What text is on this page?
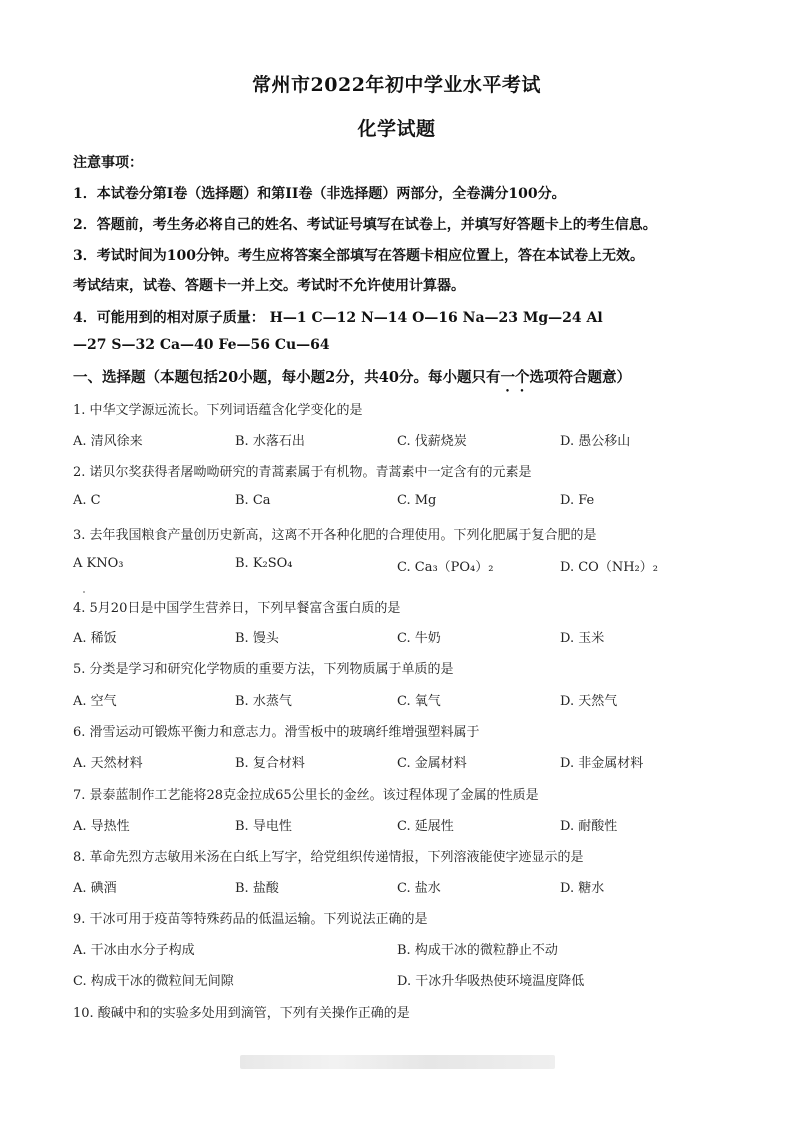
常州市2022年初中学业水平考试
化学试题
注意事项：
1．本试卷分第I卷（选择题）和第II卷（非选择题）两部分，全卷满分100分。
2．答题前，考生务必将自己的姓名、考试证号填写在试卷上，并填写好答题卡上的考生信息。
3．考试时间为100分钟。考生应将答案全部填写在答题卡相应位置上，答在本试卷上无效。
考试结束，试卷、答题卡一并上交。考试时不允许使用计算器。
4．可能用到的相对原子质量： H—1 C—12 N—14 O—16 Na—23 Mg—24 Al
—27 S—32 Ca—40 Fe—56 Cu—64
一、选择题（本题包括20小题，每小题2分，共40分。每小题只有一个选项符合题意）
1. 中华文学源远流长。下列词语蕴含化学变化的是
A. 清风徐来	B. 水落石出	C. 伐薪烧炭	D. 愚公移山
2. 诺贝尔奖获得者屠呦呦研究的青蒿素属于有机物。青蒿素中一定含有的元素是
A. C	B. Ca	C. Mg	D. Fe
3. 去年我国粮食产量创历史新高，这离不开各种化肥的合理使用。下列化肥属于复合肥的是
A KNO₃	B. K₂SO₄	C. Ca₃（PO₄）₂	D. CO（NH₂）₂
4. 5月20日是中国学生营养日，下列早餐富含蛋白质的是
A. 稀饭	B. 馒头	C. 牛奶	D. 玉米
5. 分类是学习和研究化学物质的重要方法，下列物质属于单质的是
A. 空气	B. 水蒸气	C. 氧气	D. 天然气
6. 滑雪运动可锻炼平衡力和意志力。滑雪板中的玻璃纤维增强塑料属于
A. 天然材料	B. 复合材料	C. 金属材料	D. 非金属材料
7. 景泰蓝制作工艺能将28克金拉成65公里长的金丝。该过程体现了金属的性质是
A. 导热性	B. 导电性	C. 延展性	D. 耐酸性
8. 革命先烈方志敏用米汤在白纸上写字，给党组织传递情报，下列溶液能使字迹显示的是
A. 碘酒	B. 盐酸	C. 盐水	D. 糖水
9. 干冰可用于疫苗等特殊药品的低温运输。下列说法正确的是
A. 干冰由水分子构成	B. 构成干冰的微粒静止不动
C. 构成干冰的微粒间无间隙	D. 干冰升华吸热使环境温度降低
10. 酸碱中和的实验多处用到滴管，下列有关操作正确的是
